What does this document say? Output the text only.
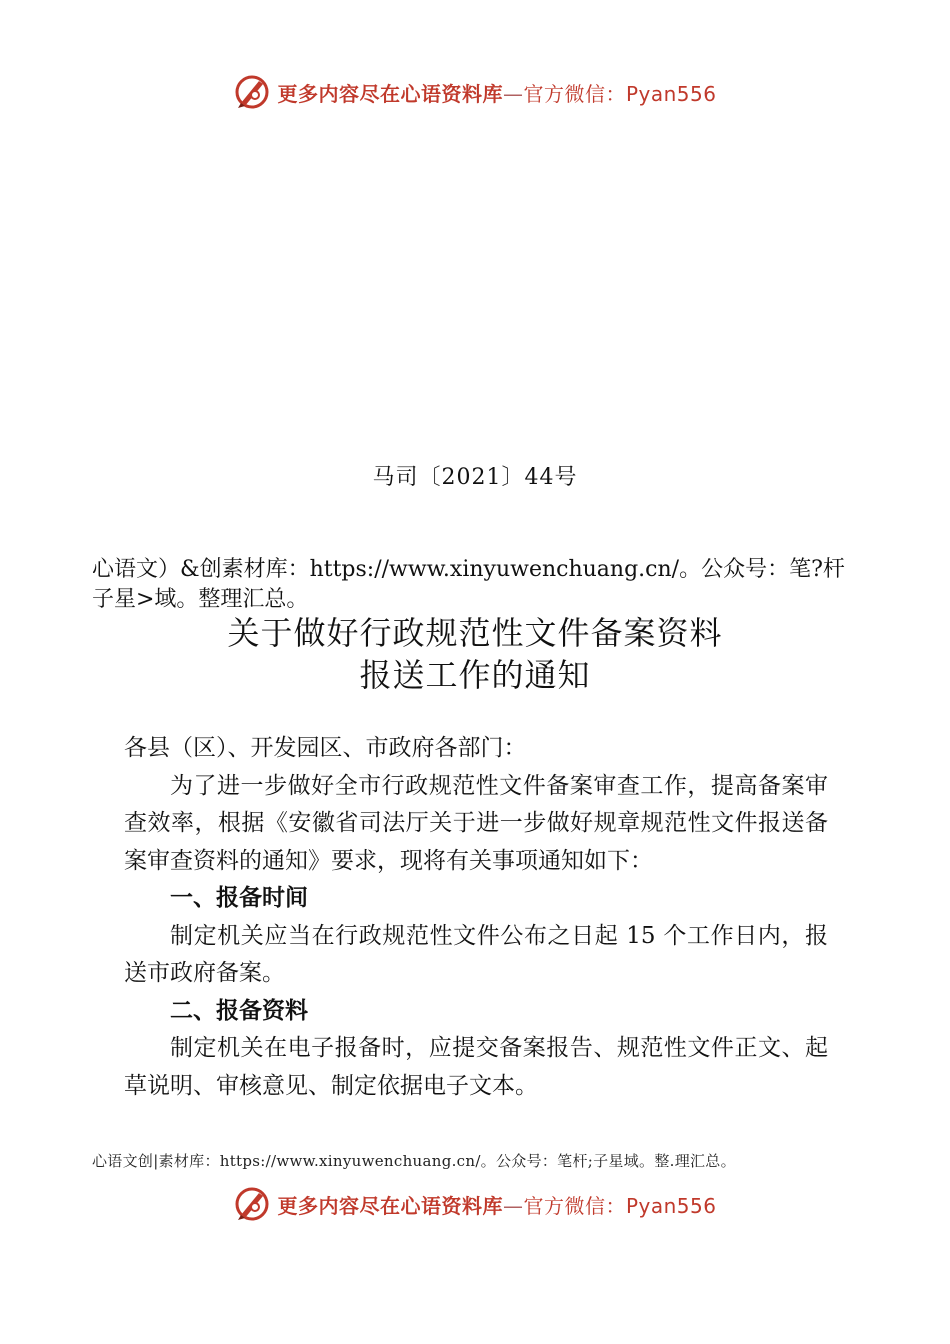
更多内容尽在心语资料库—官方微信：Pyan556
马司〔2021〕44号
心语文）&创素材库：https://www.xinyuwenchuang.cn/。公众号：笔?杆子星>域。整理汇总。
关于做好行政规范性文件备案资料
报送工作的通知

各县（区）、开发园区、市政府各部门：

为了进一步做好全市行政规范性文件备案审查工作，提高备案审查效率，根据《安徽省司法厅关于进一步做好规章规范性文件报送备案审查资料的通知》要求，现将有关事项通知如下：

一、报备时间

制定机关应当在行政规范性文件公布之日起 15 个工作日内，报送市政府备案。

二、报备资料

制定机关在电子报备时，应提交备案报告、规范性文件正文、起草说明、审核意见、制定依据电子文本。

心语文创|素材库：https://www.xinyuwenchuang.cn/。公众号：笔杆;子星域。整.理汇总。
更多内容尽在心语资料库—官方微信：Pyan556
